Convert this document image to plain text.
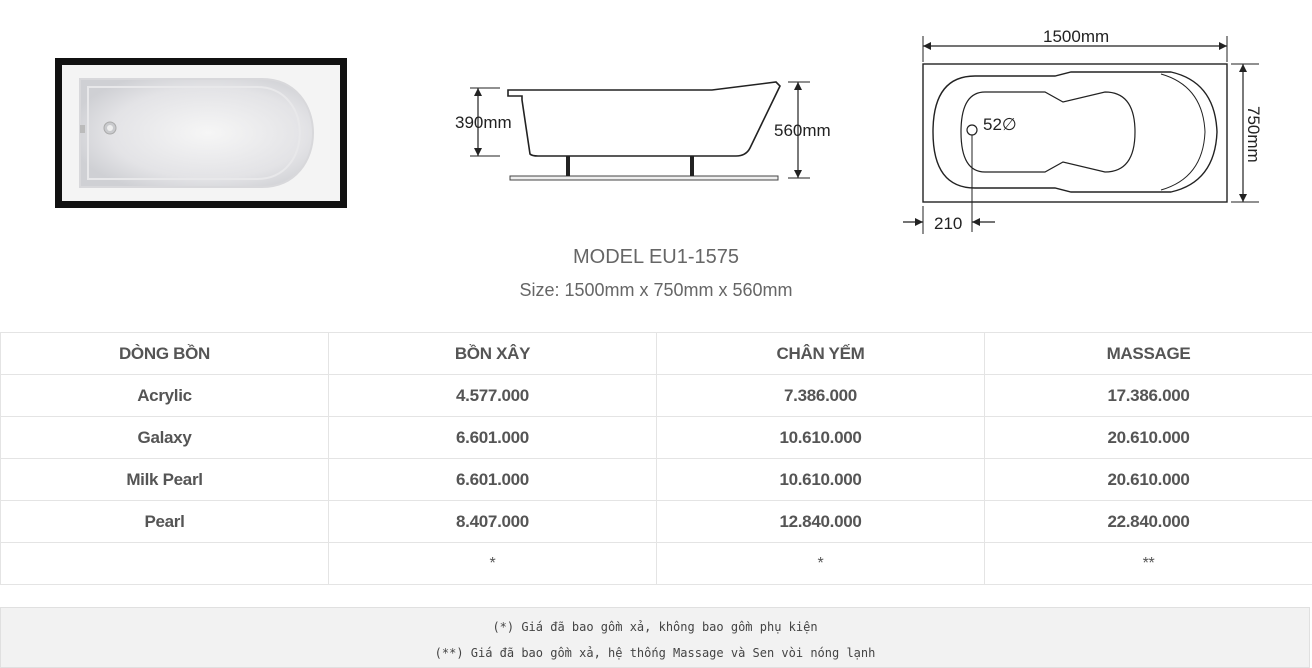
390mm	560mm
1500mm
52∅	750mm
210
MODEL EU1-1575
Size: 1500mm x 750mm x 560mm
DÒNG BỒN	BỒN XÂY	CHÂN YẾM	MASSAGE
Acrylic	4.577.000	7.386.000	17.386.000
Galaxy	6.601.000	10.610.000	20.610.000
Milk Pearl	6.601.000	10.610.000	20.610.000
Pearl	8.407.000	12.840.000	22.840.000
	*	*	**
(*) Giá đã bao gồm xả, không bao gồm phụ kiện
(**) Giá đã bao gồm xả, hệ thống Massage và Sen vòi nóng lạnh
